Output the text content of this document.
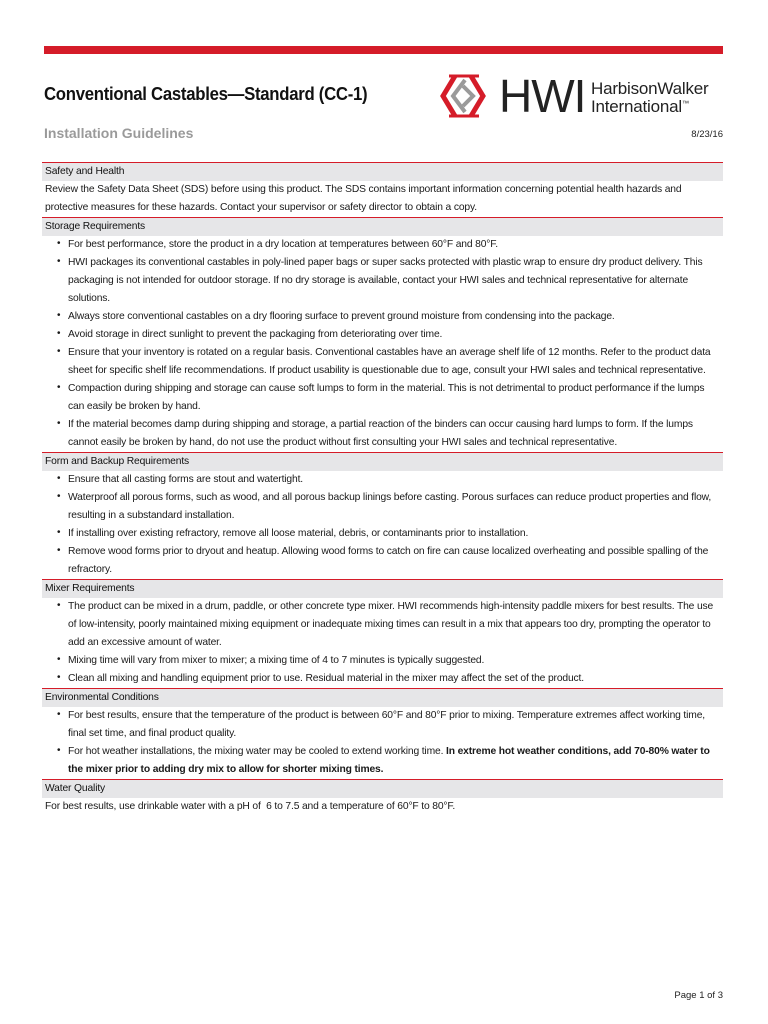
Conventional Castables—Standard (CC-1)	HWI HarbisonWalker
International™
Installation Guidelines	8/23/16
Safety and Health
Review the Safety Data Sheet (SDS) before using this product. The SDS contains important information concerning potential health hazards and protective measures for these hazards. Contact your supervisor or safety director to obtain a copy.
Storage Requirements
• For best performance, store the product in a dry location at temperatures between 60°F and 80°F.
• HWI packages its conventional castables in poly-lined paper bags or super sacks protected with plastic wrap to ensure dry product delivery. This packaging is not intended for outdoor storage. If no dry storage is available, contact your HWI sales and technical representative for alternate solutions.
• Always store conventional castables on a dry flooring surface to prevent ground moisture from condensing into the package.
• Avoid storage in direct sunlight to prevent the packaging from deteriorating over time.
• Ensure that your inventory is rotated on a regular basis. Conventional castables have an average shelf life of 12 months. Refer to the product data sheet for specific shelf life recommendations. If product usability is questionable due to age, consult your HWI sales and technical representative.
• Compaction during shipping and storage can cause soft lumps to form in the material. This is not detrimental to product performance if the lumps can easily be broken by hand.
• If the material becomes damp during shipping and storage, a partial reaction of the binders can occur causing hard lumps to form. If the lumps cannot easily be broken by hand, do not use the product without first consulting your HWI sales and technical representative.
Form and Backup Requirements
• Ensure that all casting forms are stout and watertight.
• Waterproof all porous forms, such as wood, and all porous backup linings before casting. Porous surfaces can reduce product properties and flow, resulting in a substandard installation.
• If installing over existing refractory, remove all loose material, debris, or contaminants prior to installation.
• Remove wood forms prior to dryout and heatup. Allowing wood forms to catch on fire can cause localized overheating and possible spalling of the refractory.
Mixer Requirements
• The product can be mixed in a drum, paddle, or other concrete type mixer. HWI recommends high-intensity paddle mixers for best results. The use of low-intensity, poorly maintained mixing equipment or inadequate mixing times can result in a mix that appears too dry, prompting the operator to add an excessive amount of water.
• Mixing time will vary from mixer to mixer; a mixing time of 4 to 7 minutes is typically suggested.
• Clean all mixing and handling equipment prior to use. Residual material in the mixer may affect the set of the product.
Environmental Conditions
• For best results, ensure that the temperature of the product is between 60°F and 80°F prior to mixing. Temperature extremes affect working time, final set time, and final product quality.
• For hot weather installations, the mixing water may be cooled to extend working time. In extreme hot weather conditions, add 70-80% water to the mixer prior to adding dry mix to allow for shorter mixing times.
Water Quality
For best results, use drinkable water with a pH of  6 to 7.5 and a temperature of 60°F to 80°F.
Page 1 of 3
